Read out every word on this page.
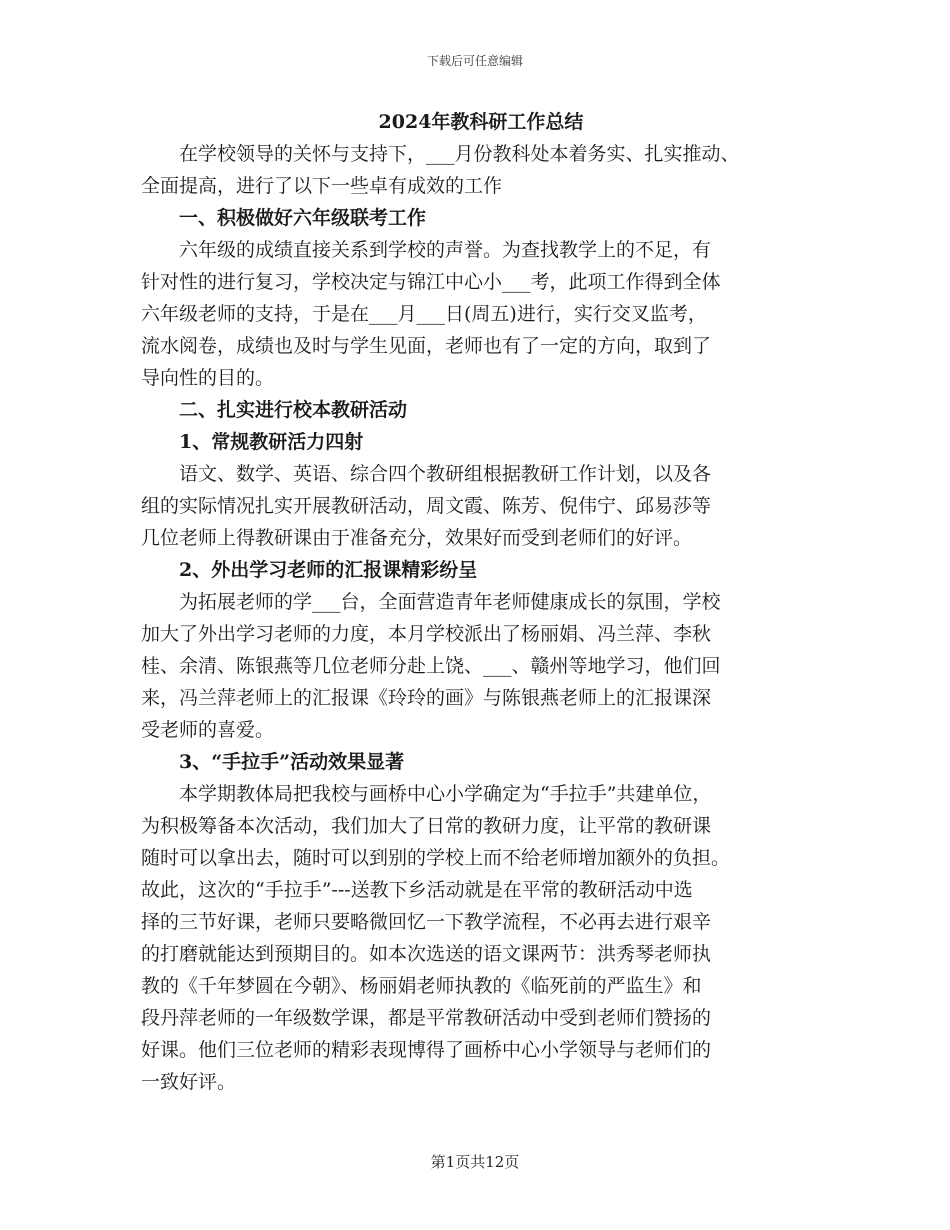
下载后可任意编辑
2024年教科研工作总结

在学校领导的关怀与支持下，___月份教科处本着务实、扎实推动、
全面提高，进行了以下一些卓有成效的工作

一、积极做好六年级联考工作

六年级的成绩直接关系到学校的声誉。为查找教学上的不足，有
针对性的进行复习，学校决定与锦江中心小___考，此项工作得到全体
六年级老师的支持，于是在___月___日(周五)进行，实行交叉监考，
流水阅卷，成绩也及时与学生见面，老师也有了一定的方向，取到了
导向性的目的。

二、扎实进行校本教研活动

1、常规教研活力四射

语文、数学、英语、综合四个教研组根据教研工作计划，以及各
组的实际情况扎实开展教研活动，周文霞、陈芳、倪伟宁、邱易莎等
几位老师上得教研课由于准备充分，效果好而受到老师们的好评。

2、外出学习老师的汇报课精彩纷呈

为拓展老师的学___台，全面营造青年老师健康成长的氛围，学校
加大了外出学习老师的力度，本月学校派出了杨丽娟、冯兰萍、李秋
桂、余清、陈银燕等几位老师分赴上饶、___、赣州等地学习，他们回
来，冯兰萍老师上的汇报课《玲玲的画》与陈银燕老师上的汇报课深
受老师的喜爱。

3、“手拉手”活动效果显著

本学期教体局把我校与画桥中心小学确定为“手拉手”共建单位，
为积极筹备本次活动，我们加大了日常的教研力度，让平常的教研课
随时可以拿出去，随时可以到别的学校上而不给老师增加额外的负担。
故此，这次的“手拉手”---送教下乡活动就是在平常的教研活动中选
择的三节好课，老师只要略微回忆一下教学流程，不必再去进行艰辛
的打磨就能达到预期目的。如本次选送的语文课两节：洪秀琴老师执
教的《千年梦圆在今朝》、杨丽娟老师执教的《临死前的严监生》和
段丹萍老师的一年级数学课，都是平常教研活动中受到老师们赞扬的
好课。他们三位老师的精彩表现博得了画桥中心小学领导与老师们的
一致好评。

第1页共12页
